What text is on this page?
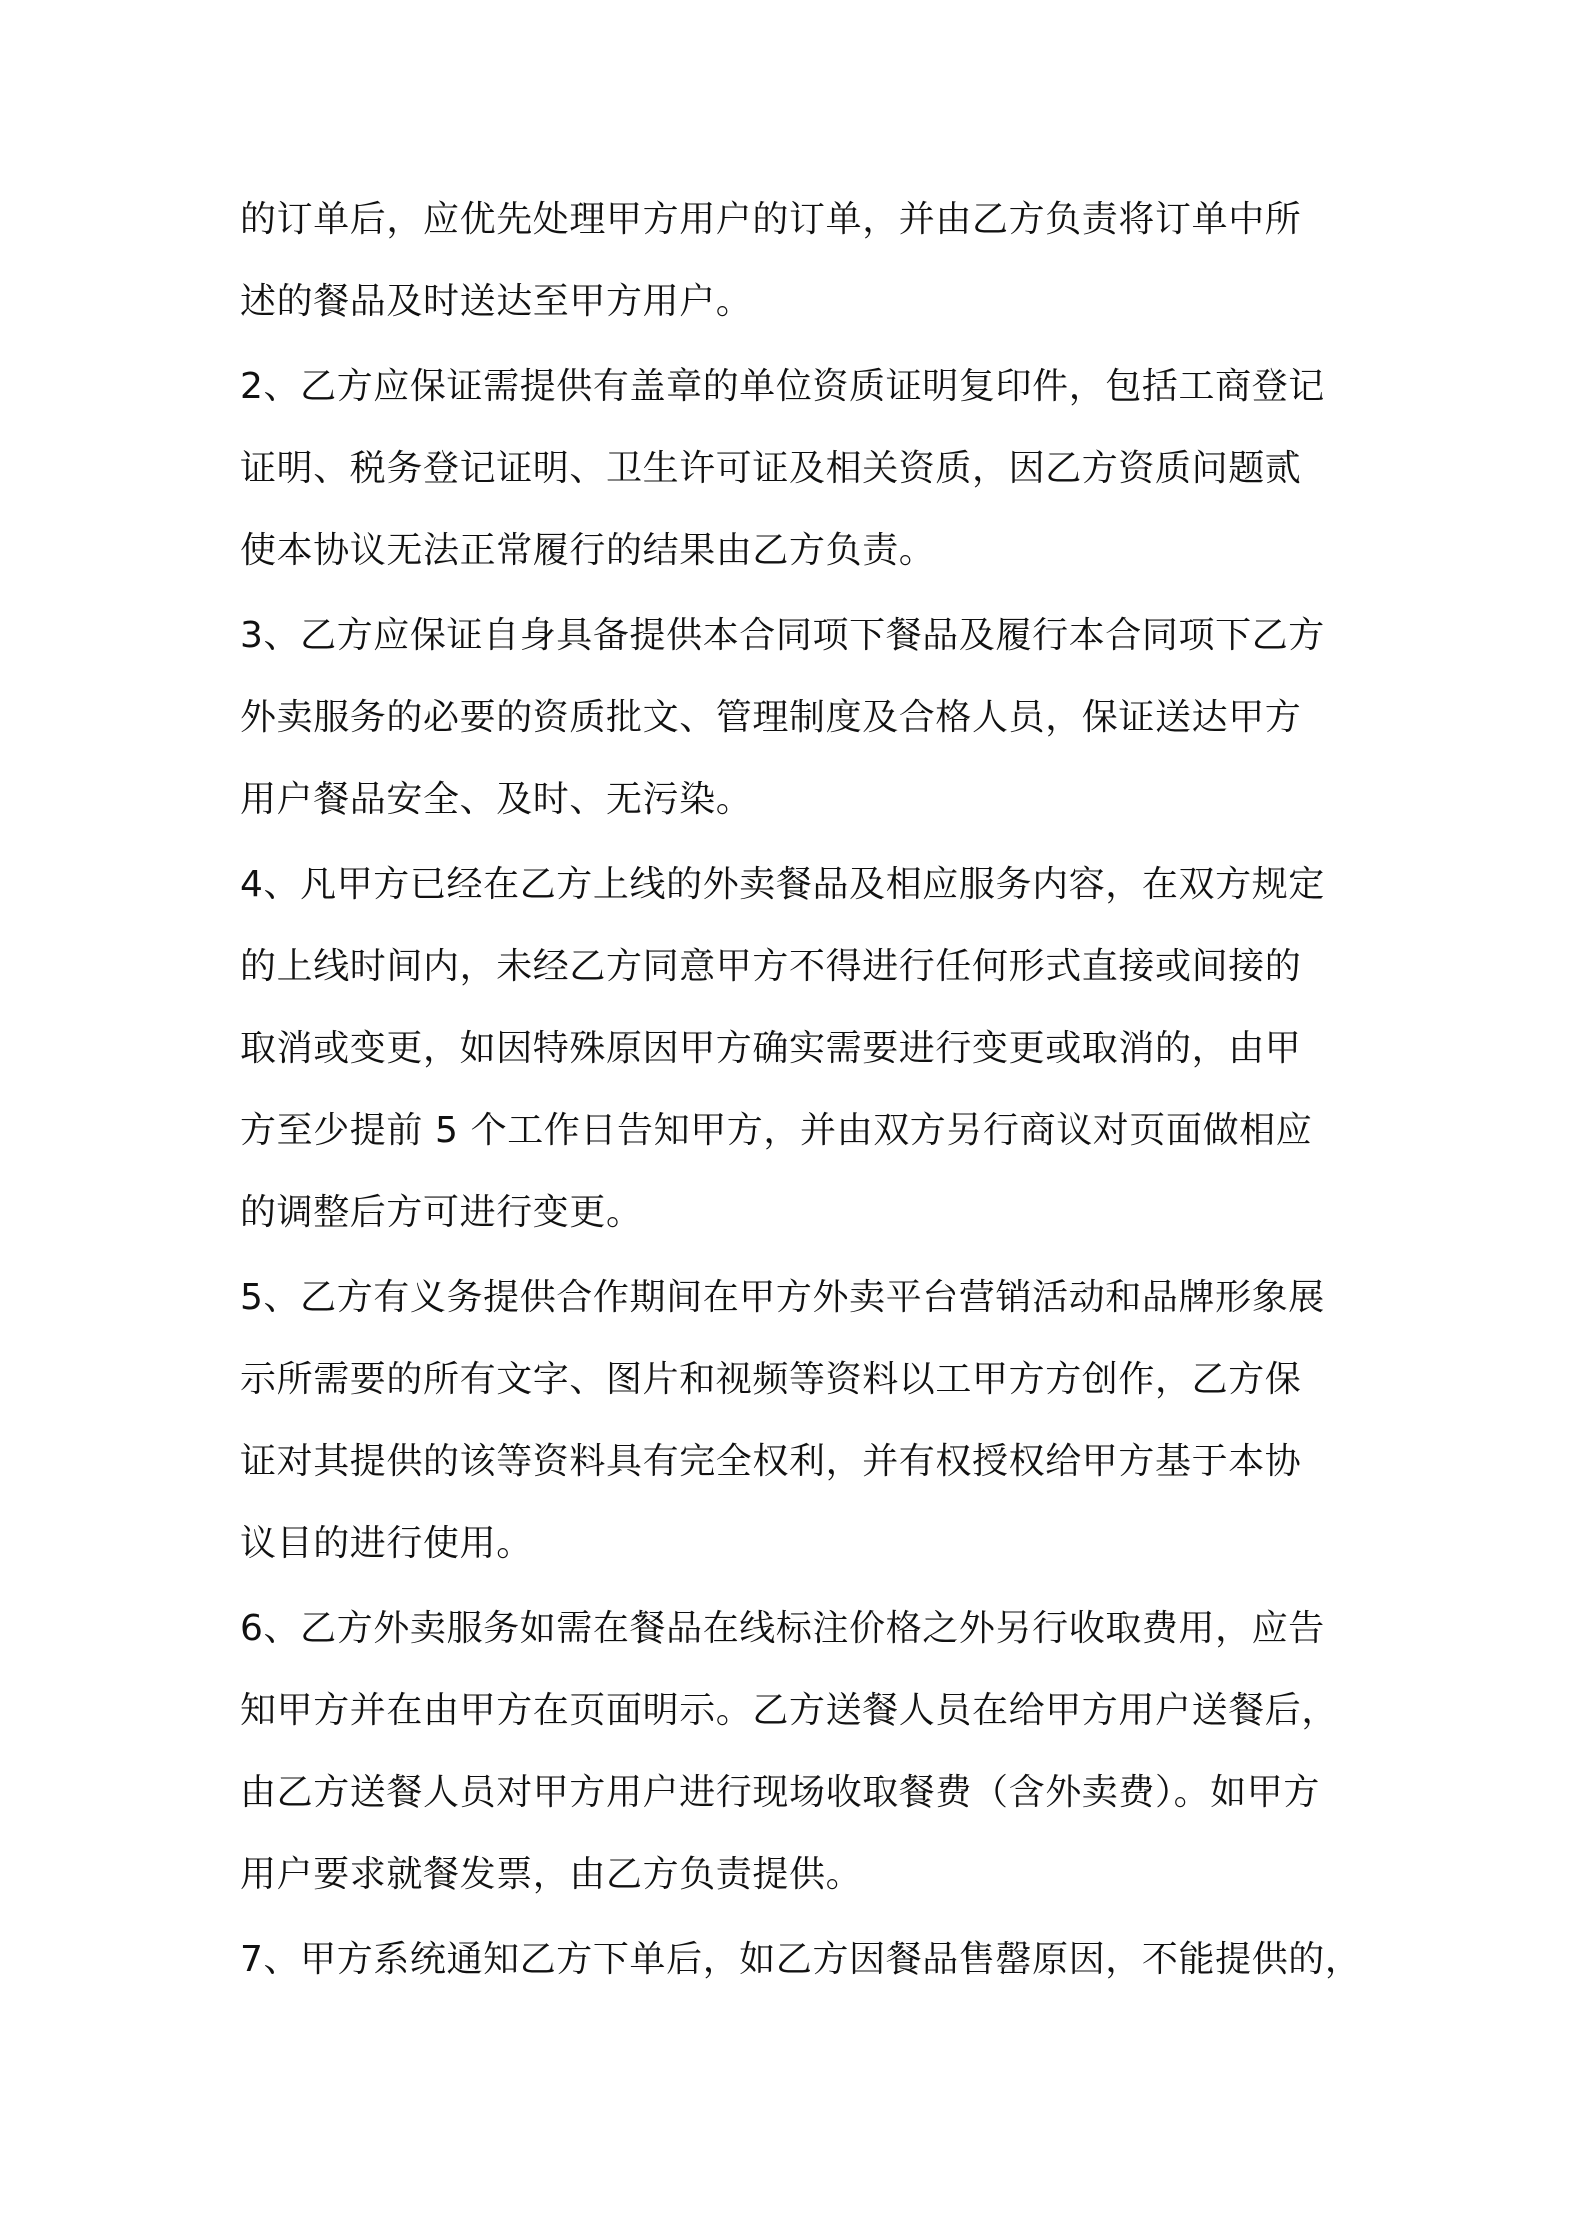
的订单后，应优先处理甲方用户的订单，并由乙方负责将订单中所
述的餐品及时送达至甲方用户。
2、乙方应保证需提供有盖章的单位资质证明复印件，包括工商登记
证明、税务登记证明、卫生许可证及相关资质，因乙方资质问题贰
使本协议无法正常履行的结果由乙方负责。
3、乙方应保证自身具备提供本合同项下餐品及履行本合同项下乙方
外卖服务的必要的资质批文、管理制度及合格人员，保证送达甲方
用户餐品安全、及时、无污染。
4、凡甲方已经在乙方上线的外卖餐品及相应服务内容，在双方规定
的上线时间内，未经乙方同意甲方不得进行任何形式直接或间接的
取消或变更，如因特殊原因甲方确实需要进行变更或取消的，由甲
方至少提前 5 个工作日告知甲方，并由双方另行商议对页面做相应
的调整后方可进行变更。
5、乙方有义务提供合作期间在甲方外卖平台营销活动和品牌形象展
示所需要的所有文字、图片和视频等资料以工甲方方创作，乙方保
证对其提供的该等资料具有完全权利，并有权授权给甲方基于本协
议目的进行使用。
6、乙方外卖服务如需在餐品在线标注价格之外另行收取费用，应告
知甲方并在由甲方在页面明示。乙方送餐人员在给甲方用户送餐后，
由乙方送餐人员对甲方用户进行现场收取餐费（含外卖费）。如甲方
用户要求就餐发票，由乙方负责提供。
7、甲方系统通知乙方下单后，如乙方因餐品售罄原因，不能提供的，
